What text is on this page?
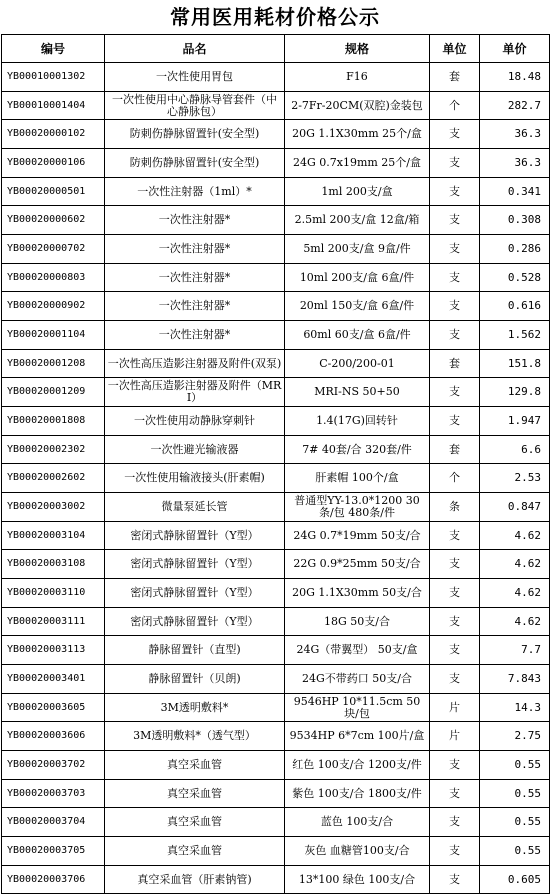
常用医用耗材价格公示
编号	品名	规格	单位	单价
YB00010001302	一次性使用胃包	F16	套	18.48
YB00010001404	一次性使用中心静脉导管套件（中心静脉包）	2-7Fr-20CM(双腔)金装包	个	282.7
YB00020000102	防刺伤静脉留置针(安全型)	20G 1.1X30mm 25个/盒	支	36.3
YB00020000106	防刺伤静脉留置针(安全型)	24G 0.7x19mm 25个/盒	支	36.3
YB00020000501	一次性注射器（1ml）*	1ml 200支/盒	支	0.341
YB00020000602	一次性注射器*	2.5ml 200支/盒 12盒/箱	支	0.308
YB00020000702	一次性注射器*	5ml 200支/盒 9盒/件	支	0.286
YB00020000803	一次性注射器*	10ml 200支/盒 6盒/件	支	0.528
YB00020000902	一次性注射器*	20ml 150支/盒 6盒/件	支	0.616
YB00020001104	一次性注射器*	60ml 60支/盒 6盒/件	支	1.562
YB00020001208	一次性高压造影注射器及附件(双泵)	C-200/200-01	套	151.8
YB00020001209	一次性高压造影注射器及附件（MRI）	MRI-NS 50+50	支	129.8
YB00020001808	一次性使用动静脉穿刺针	1.4(17G)回转针	支	1.947
YB00020002302	一次性避光输液器	7# 40套/合 320套/件	套	6.6
YB00020002602	一次性使用输液接头(肝素帽)	肝素帽 100个/盒	个	2.53
YB00020003002	微量泵延长管	普通型YY-13.0*1200 30条/包 480条/件	条	0.847
YB00020003104	密闭式静脉留置针（Y型）	24G 0.7*19mm 50支/合	支	4.62
YB00020003108	密闭式静脉留置针（Y型）	22G 0.9*25mm 50支/合	支	4.62
YB00020003110	密闭式静脉留置针（Y型）	20G 1.1X30mm 50支/合	支	4.62
YB00020003111	密闭式静脉留置针（Y型）	18G 50支/合	支	4.62
YB00020003113	静脉留置针（直型)	24G（带翼型） 50支/盒	支	7.7
YB00020003401	静脉留置针（贝朗)	24G不带药口 50支/合	支	7.843
YB00020003605	3M透明敷料*	9546HP 10*11.5cm 50块/包	片	14.3
YB00020003606	3M透明敷料*（透气型）	9534HP 6*7cm 100片/盒	片	2.75
YB00020003702	真空采血管	红色 100支/合 1200支/件	支	0.55
YB00020003703	真空采血管	紫色 100支/合 1800支/件	支	0.55
YB00020003704	真空采血管	蓝色 100支/合	支	0.55
YB00020003705	真空采血管	灰色 血糖管100支/合	支	0.55
YB00020003706	真空采血管（肝素钠管)	13*100 绿色 100支/合	支	0.605
